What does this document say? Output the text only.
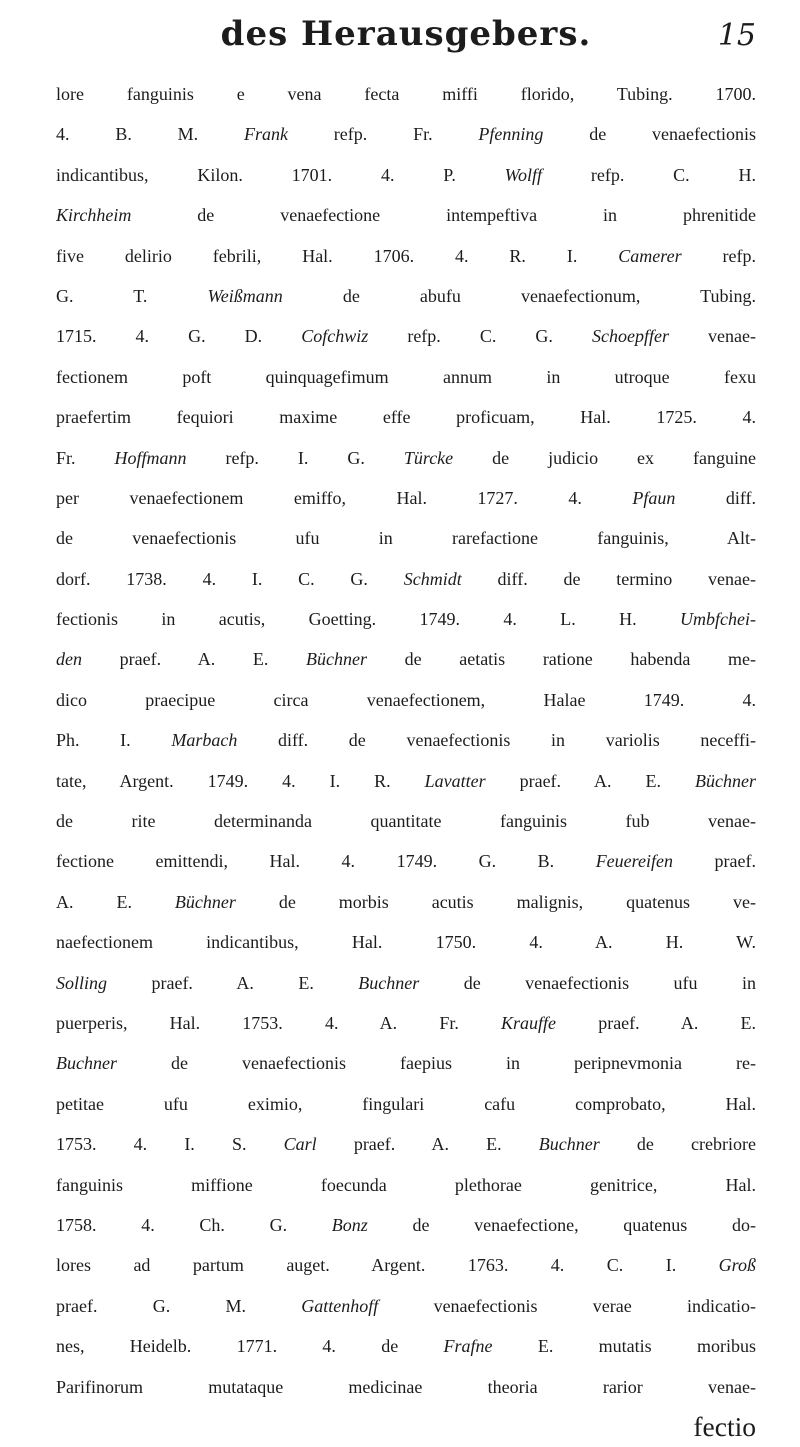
des Herausgebers.	15
lore fanguinis e vena fecta miffi florido, Tubing. 1700.
4. B. M. Frank refp. Fr. Pfenning de venaefectionis
indicantibus, Kilon. 1701. 4. P. Wolff refp. C. H.
Kirchheim de venaefectione intempeftiva in phrenitide
five delirio febrili, Hal. 1706. 4. R. I. Camerer refp.
G. T. Weißmann de abufu venaefectionum, Tubing.
1715. 4. G. D. Cofchwiz refp. C. G. Schoepffer venae-
fectionem poft quinquagefimum annum in utroque fexu
praefertim fequiori maxime effe proficuam, Hal. 1725. 4.
Fr. Hoffmann refp. I. G. Türcke de judicio ex fanguine
per venaefectionem emiffo, Hal. 1727. 4. Pfaun diff.
de venaefectionis ufu in rarefactione fanguinis, Alt-
dorf. 1738. 4. I. C. G. Schmidt diff. de termino venae-
fectionis in acutis, Goetting. 1749. 4. L. H. Umbfchei-
den praef. A. E. Büchner de aetatis ratione habenda me-
dico praecipue circa venaefectionem, Halae 1749. 4.
Ph. I. Marbach diff. de venaefectionis in variolis neceffi-
tate, Argent. 1749. 4. I. R. Lavatter praef. A. E. Büchner
de rite determinanda quantitate fanguinis fub venae-
fectione emittendi, Hal. 4. 1749. G. B. Feuereifen praef.
A. E. Büchner de morbis acutis malignis, quatenus ve-
naefectionem indicantibus, Hal. 1750. 4. A. H. W.
Solling praef. A. E. Buchner de venaefectionis ufu in
puerperis, Hal. 1753. 4. A. Fr. Krauffe praef. A. E.
Buchner de venaefectionis faepius in peripnevmonia re-
petitae ufu eximio, fingulari cafu comprobato, Hal.
1753. 4. I. S. Carl praef. A. E. Buchner de crebriore
fanguinis miffione foecunda plethorae genitrice, Hal.
1758. 4. Ch. G. Bonz de venaefectione, quatenus do-
lores ad partum auget. Argent. 1763. 4. C. I. Groß
praef. G. M. Gattenhoff venaefectionis verae indicatio-
nes, Heidelb. 1771. 4. de Frafne E. mutatis moribus
Parifinorum mutataque medicinae theoria rarior venae-
fectio
